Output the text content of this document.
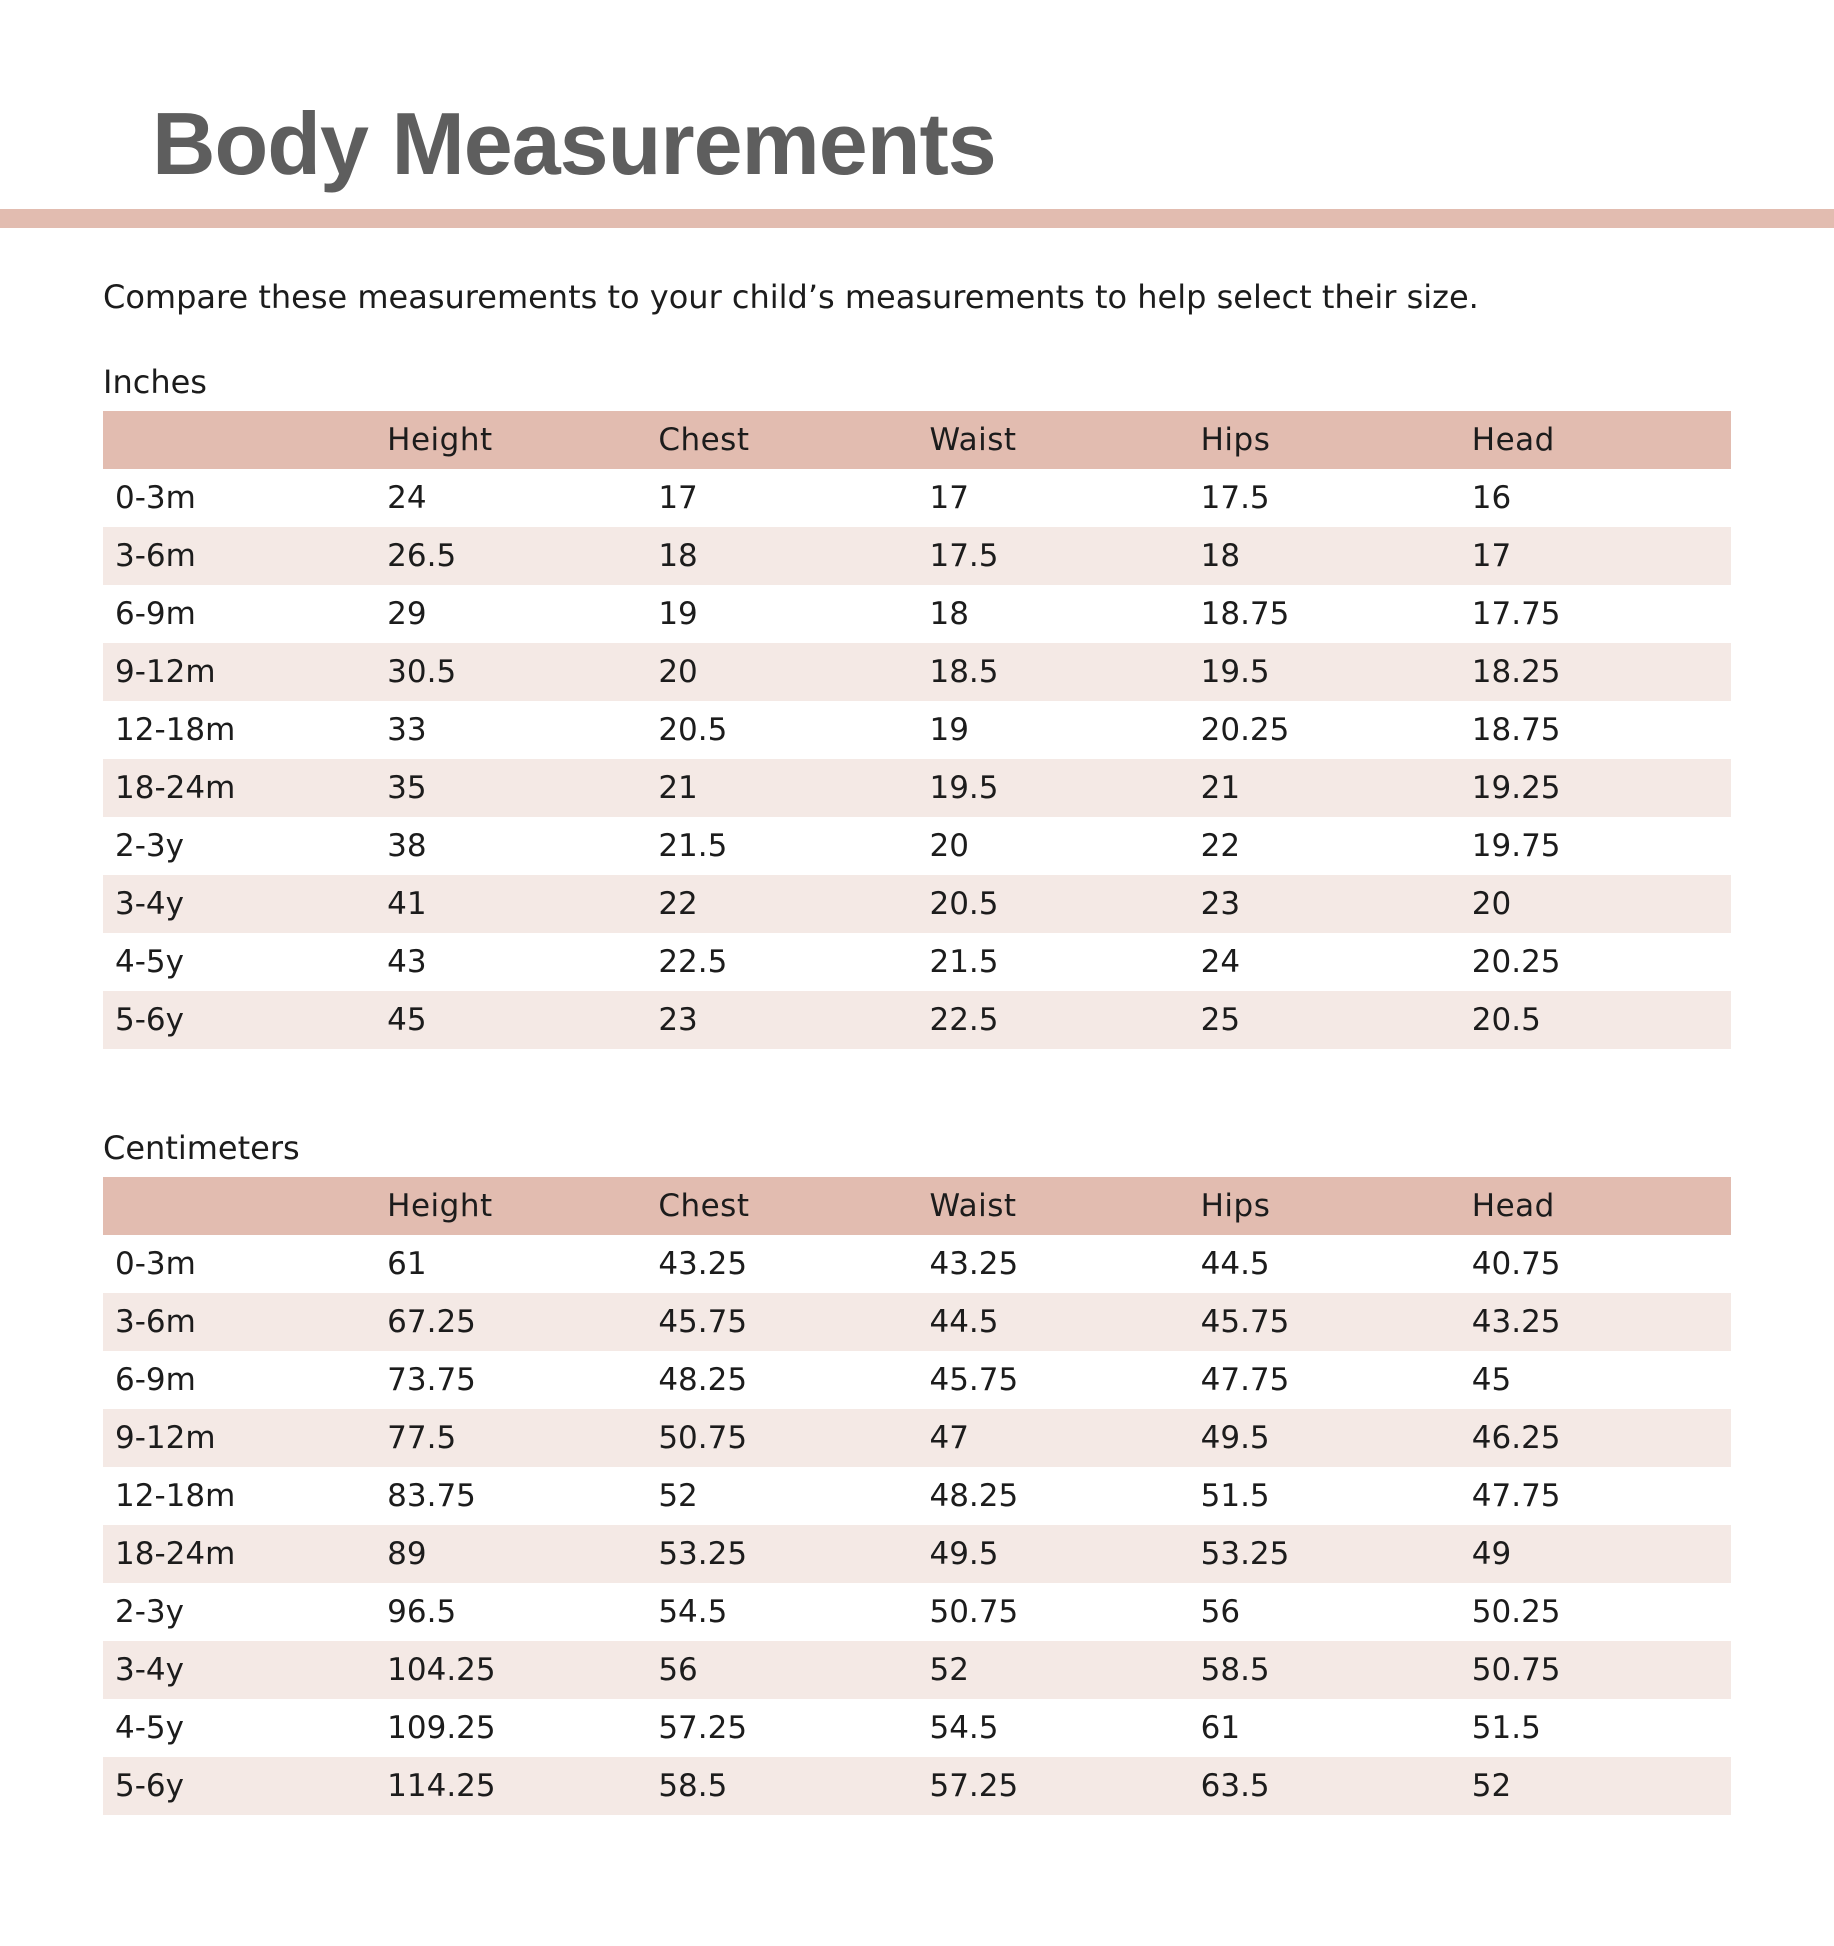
Body Measurements

Compare these measurements to your child’s measurements to help select their size.

Inches

	Height	Chest	Waist	Hips	Head
0-3m	24	17	17	17.5	16
3-6m	26.5	18	17.5	18	17
6-9m	29	19	18	18.75	17.75
9-12m	30.5	20	18.5	19.5	18.25
12-18m	33	20.5	19	20.25	18.75
18-24m	35	21	19.5	21	19.25
2-3y	38	21.5	20	22	19.75
3-4y	41	22	20.5	23	20
4-5y	43	22.5	21.5	24	20.25
5-6y	45	23	22.5	25	20.5

Centimeters

	Height	Chest	Waist	Hips	Head
0-3m	61	43.25	43.25	44.5	40.75
3-6m	67.25	45.75	44.5	45.75	43.25
6-9m	73.75	48.25	45.75	47.75	45
9-12m	77.5	50.75	47	49.5	46.25
12-18m	83.75	52	48.25	51.5	47.75
18-24m	89	53.25	49.5	53.25	49
2-3y	96.5	54.5	50.75	56	50.25
3-4y	104.25	56	52	58.5	50.75
4-5y	109.25	57.25	54.5	61	51.5
5-6y	114.25	58.5	57.25	63.5	52
